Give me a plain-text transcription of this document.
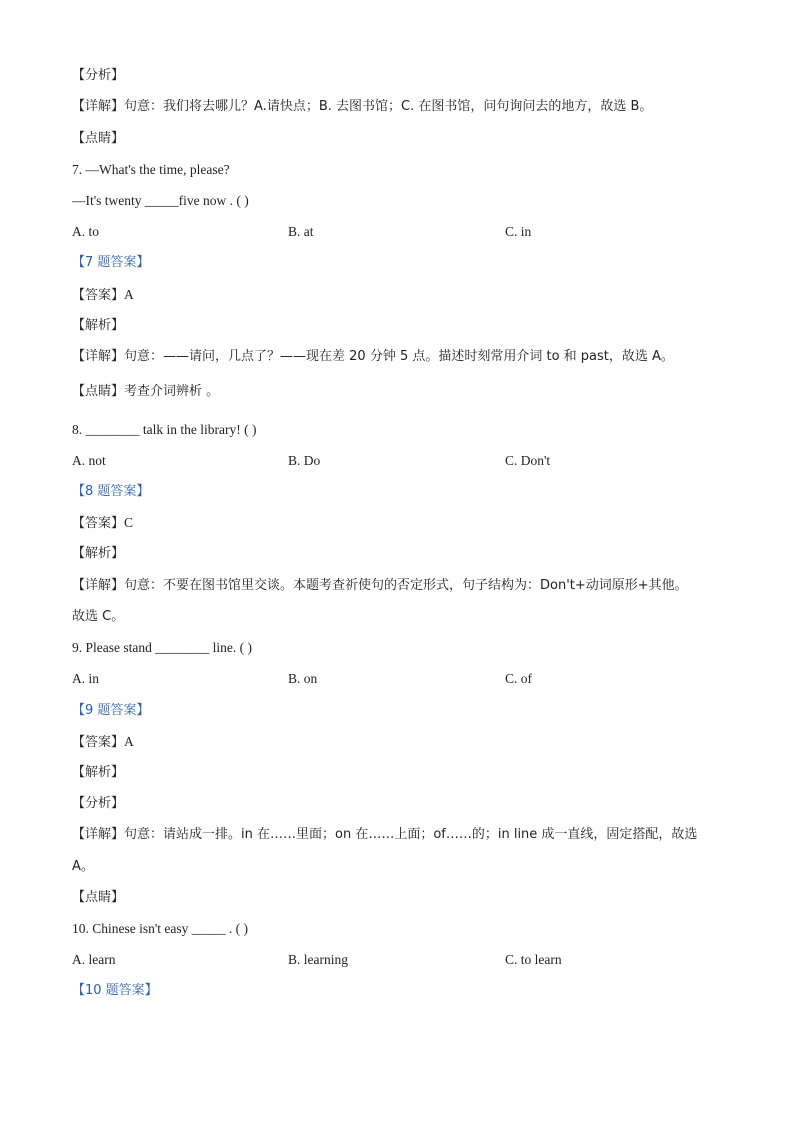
【分析】
【详解】句意：我们将去哪儿？A.请快点；B. 去图书馆；C. 在图书馆，问句询问去的地方，故选 B。
【点睛】
7. —What's the time, please?
—It's twenty _____five now . ( )
A. to	B. at	C. in
【7 题答案】
【答案】A
【解析】
【详解】句意：——请问，几点了？——现在差 20 分钟 5 点。描述时刻常用介词 to 和 past，故选 A。
【点睛】考查介词辨析 。
8. ________ talk in the library! ( )
A. not	B. Do	C. Don't
【8 题答案】
【答案】C
【解析】
【详解】句意：不要在图书馆里交谈。本题考查祈使句的否定形式，句子结构为：Don't+动词原形+其他。
故选 C。
9. Please stand ________ line. ( )
A. in	B. on	C. of
【9 题答案】
【答案】A
【解析】
【分析】
【详解】句意：请站成一排。in 在……里面；on 在……上面；of……的；in line 成一直线，固定搭配，故选
A。
【点睛】
10. Chinese isn't easy _____ . ( )
A. learn	B. learning	C. to learn
【10 题答案】
